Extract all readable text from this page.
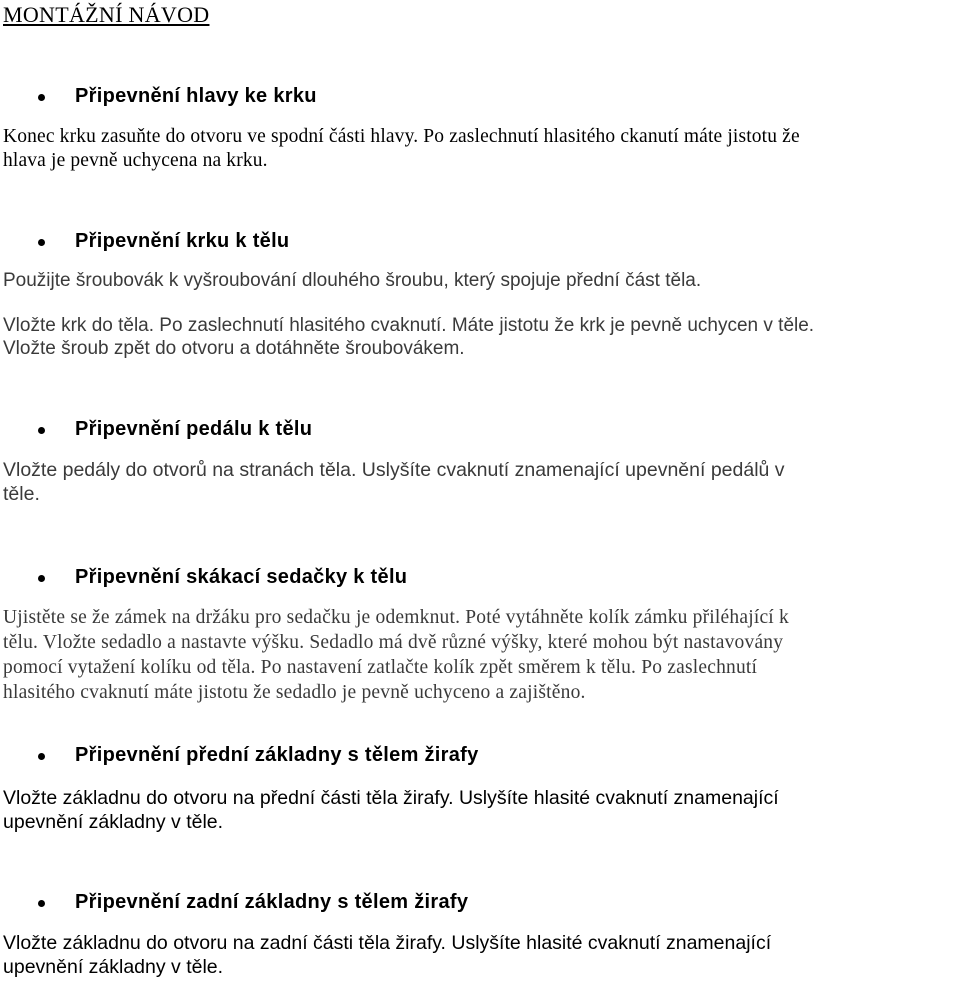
MONTÁŽNÍ NÁVOD
Připevnění hlavy ke krku
Konec krku zasuňte do otvoru ve spodní části hlavy. Po zaslechnutí hlasitého ckanutí máte jistotu že
hlava je pevně uchycena na krku.
Připevnění krku k tělu
Použijte šroubovák k vyšroubování dlouhého šroubu, který spojuje přední část těla.
Vložte krk do těla. Po zaslechnutí hlasitého cvaknutí. Máte jistotu že krk je pevně uchycen v těle.
Vložte šroub zpět do otvoru a dotáhněte šroubovákem.
Připevnění pedálu k tělu
Vložte pedály do otvorů na stranách těla. Uslyšíte cvaknutí znamenající upevnění pedálů v
těle.
Připevnění skákací sedačky k tělu
Ujistěte se že zámek na držáku pro sedačku je odemknut. Poté vytáhněte kolík zámku přiléhající k
tělu. Vložte sedadlo a nastavte výšku. Sedadlo má dvě různé výšky, které mohou být nastavovány
pomocí vytažení kolíku od těla. Po nastavení zatlačte kolík zpět směrem k tělu. Po zaslechnutí
hlasitého cvaknutí máte jistotu že sedadlo je pevně uchyceno a zajištěno.
Připevnění přední základny s tělem žirafy
Vložte základnu do otvoru na přední části těla žirafy. Uslyšíte hlasité cvaknutí znamenající
upevnění základny v těle.
Připevnění zadní základny s tělem žirafy
Vložte základnu do otvoru na zadní části těla žirafy. Uslyšíte hlasité cvaknutí znamenající
upevnění základny v těle.
